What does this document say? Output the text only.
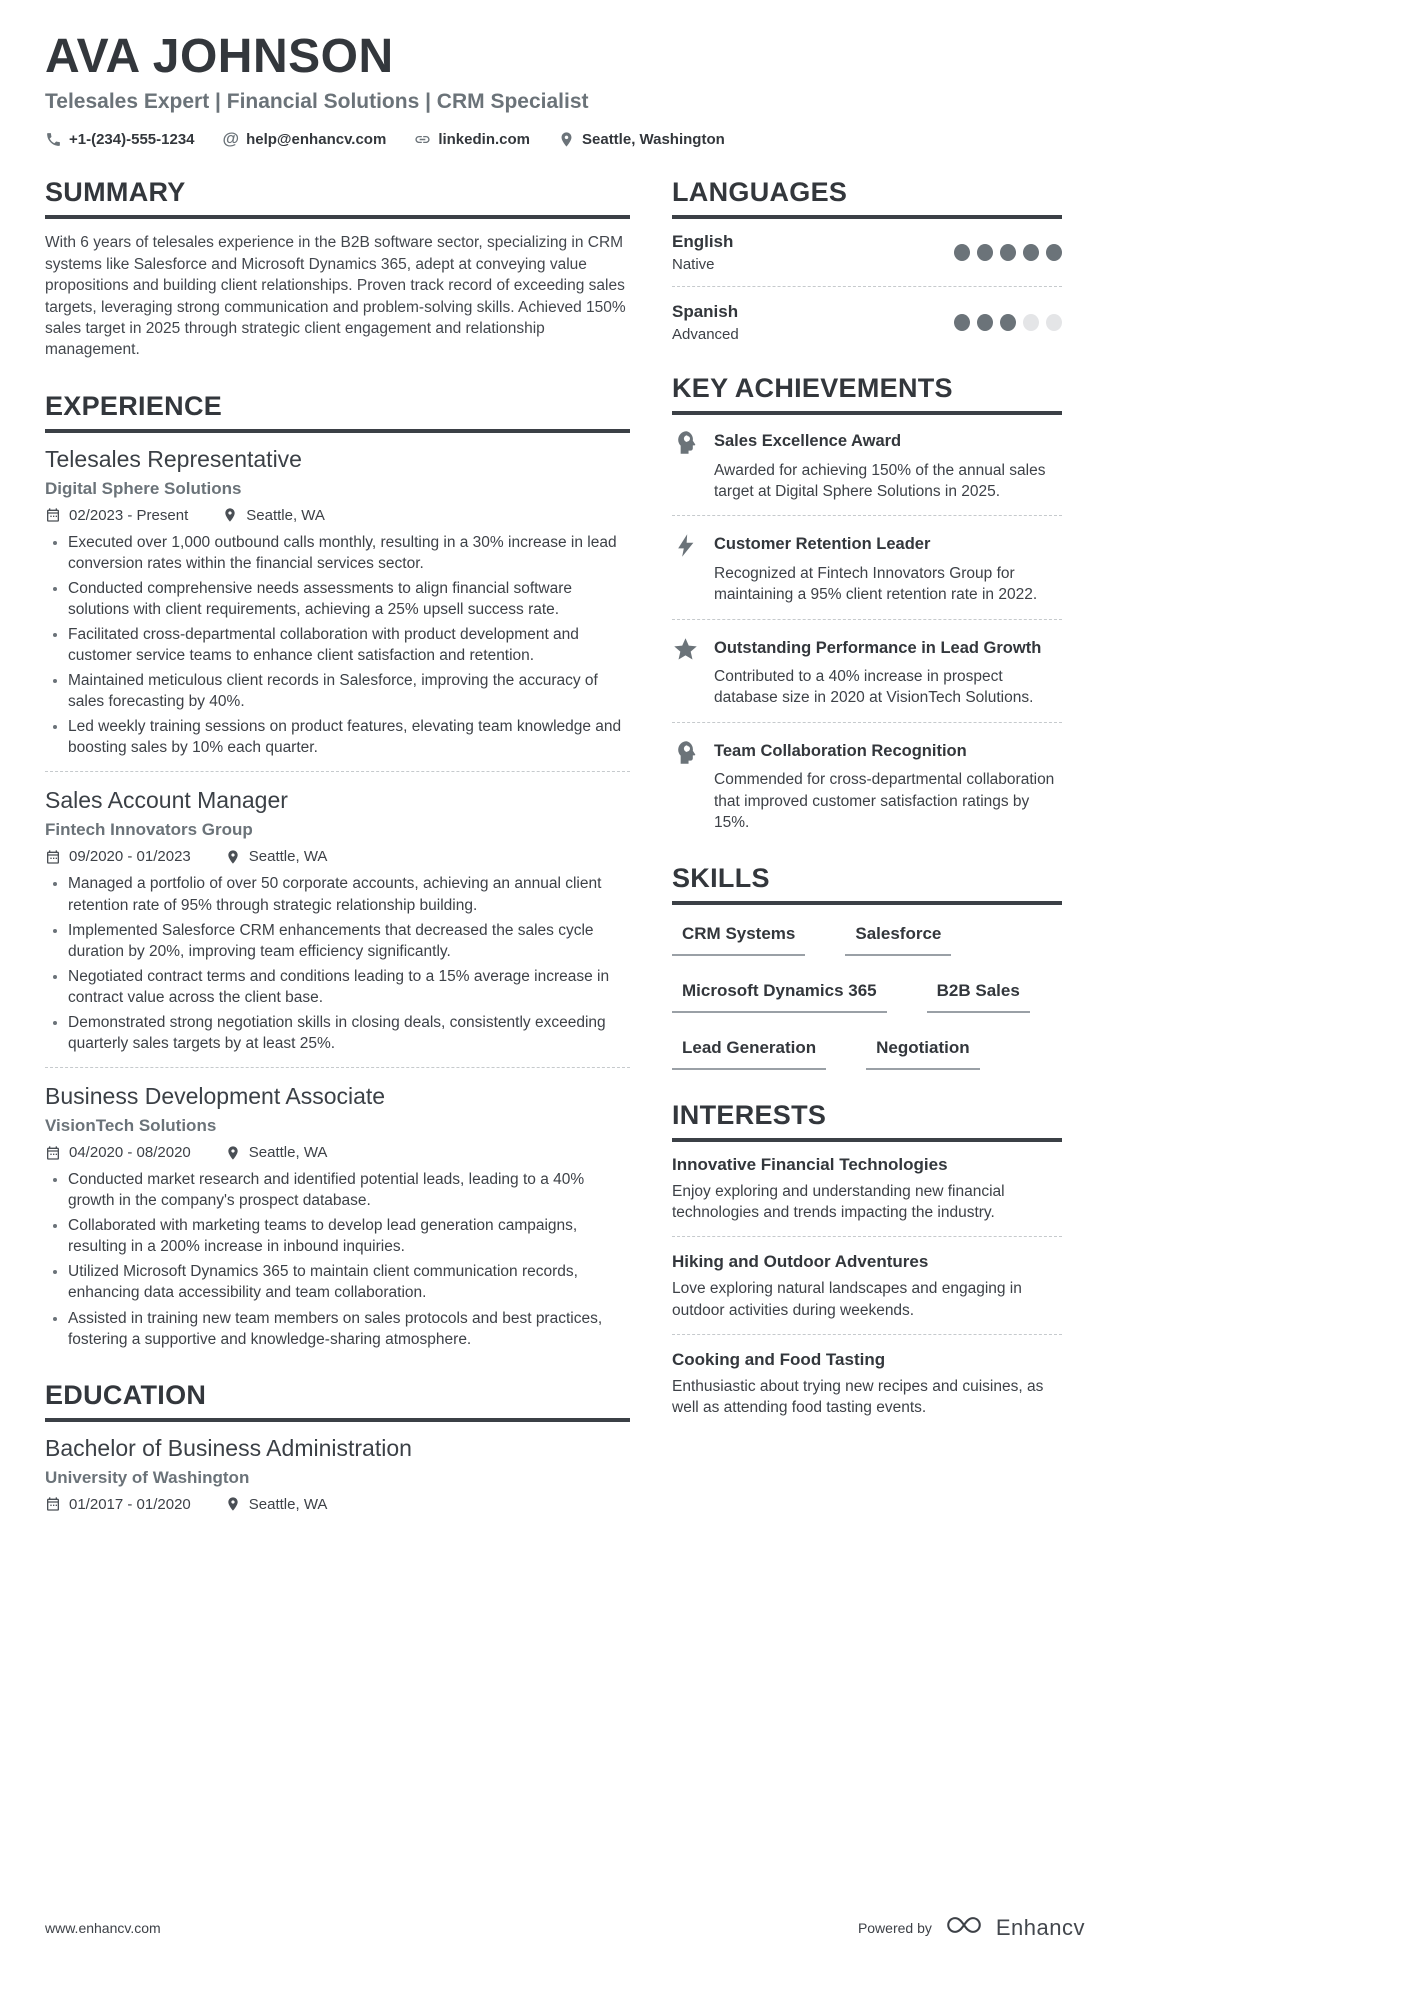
AVA JOHNSON
Telesales Expert | Financial Solutions | CRM Specialist
+1-(234)-555-1234 @ help@enhancv.com	linkedin.com	Seattle, Washington
SUMMARY

With 6 years of telesales experience in the B2B software sector, specializing in CRM systems like Salesforce and Microsoft Dynamics 365, adept at conveying value propositions and building client relationships. Proven track record of exceeding sales targets, leveraging strong communication and problem-solving skills. Achieved 150% sales target in 2025 through strategic client engagement and relationship management.

EXPERIENCE
Telesales Representative
Digital Sphere Solutions
02/2023 - Present	Seattle, WA
• Executed over 1,000 outbound calls monthly, resulting in a 30% increase in lead conversion rates within the financial services sector.
• Conducted comprehensive needs assessments to align financial software solutions with client requirements, achieving a 25% upsell success rate.
• Facilitated cross-departmental collaboration with product development and customer service teams to enhance client satisfaction and retention.
• Maintained meticulous client records in Salesforce, improving the accuracy of sales forecasting by 40%.
• Led weekly training sessions on product features, elevating team knowledge and boosting sales by 10% each quarter.
Sales Account Manager
Fintech Innovators Group
09/2020 - 01/2023	Seattle, WA
• Managed a portfolio of over 50 corporate accounts, achieving an annual client retention rate of 95% through strategic relationship building.
• Implemented Salesforce CRM enhancements that decreased the sales cycle duration by 20%, improving team efficiency significantly.
• Negotiated contract terms and conditions leading to a 15% average increase in contract value across the client base.
• Demonstrated strong negotiation skills in closing deals, consistently exceeding quarterly sales targets by at least 25%.
Business Development Associate
VisionTech Solutions
04/2020 - 08/2020	Seattle, WA
• Conducted market research and identified potential leads, leading to a 40% growth in the company's prospect database.
• Collaborated with marketing teams to develop lead generation campaigns, resulting in a 200% increase in inbound inquiries.
• Utilized Microsoft Dynamics 365 to maintain client communication records, enhancing data accessibility and team collaboration.
• Assisted in training new team members on sales protocols and best practices, fostering a supportive and knowledge-sharing atmosphere.
EDUCATION
Bachelor of Business Administration
University of Washington
01/2017 - 01/2020	Seattle, WA
LANGUAGES

English

Native

Spanish

Advanced

KEY ACHIEVEMENTS

Sales Excellence Award

Awarded for achieving 150% of the annual sales target at Digital Sphere Solutions in 2025.

Customer Retention Leader

Recognized at Fintech Innovators Group for maintaining a 95% client retention rate in 2022.

Outstanding Performance in Lead Growth

Contributed to a 40% increase in prospect database size in 2020 at VisionTech Solutions.

Team Collaboration Recognition

Commended for cross-departmental collaboration that improved customer satisfaction ratings by 15%.

SKILLS
CRM Systems	Salesforce
Microsoft Dynamics 365	B2B Sales
Lead Generation	Negotiation
INTERESTS

Innovative Financial Technologies

Enjoy exploring and understanding new financial technologies and trends impacting the industry.

Hiking and Outdoor Adventures

Love exploring natural landscapes and engaging in outdoor activities during weekends.

Cooking and Food Tasting

Enthusiastic about trying new recipes and cuisines, as well as attending food tasting events.

www.enhancv.com	Powered by	Enhancv
